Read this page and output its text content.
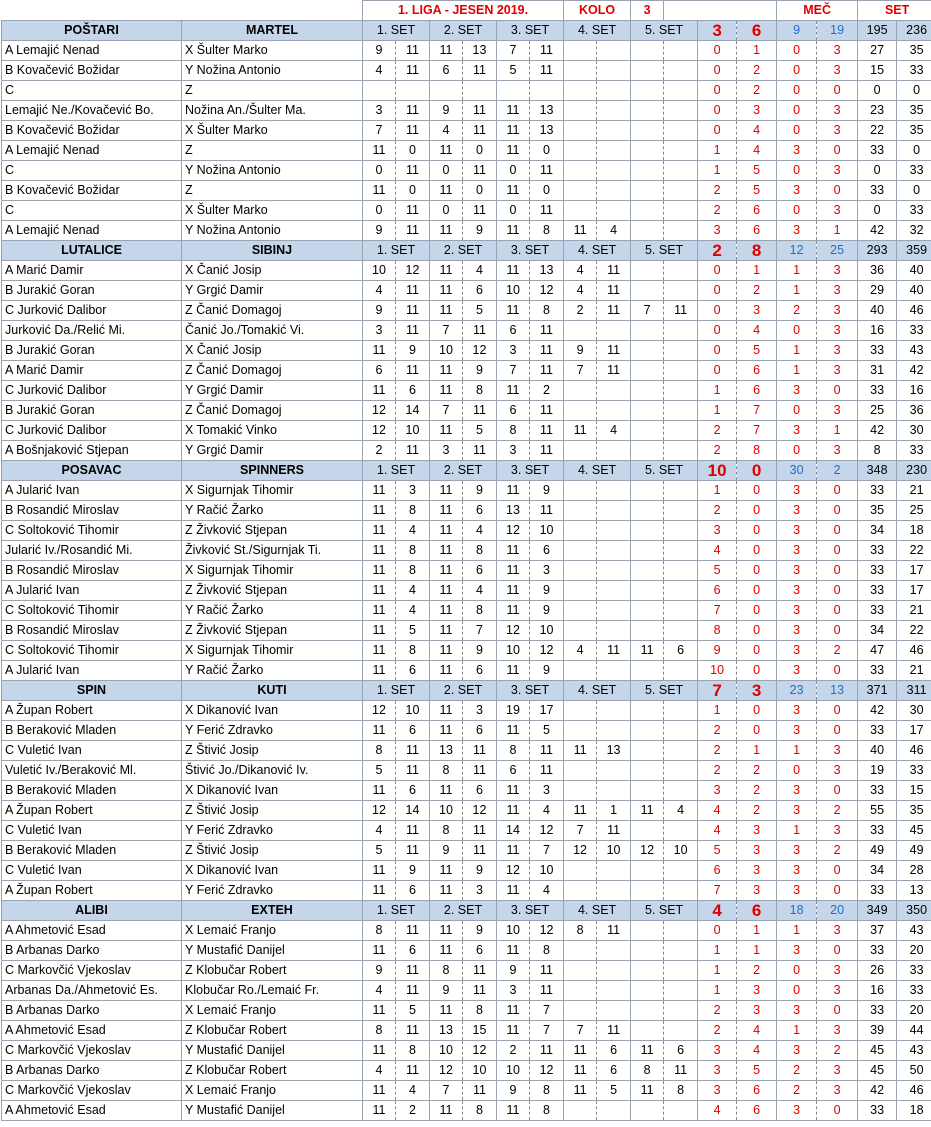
		1. LIGA - JESEN 2019.						KOLO		3				MEČ		SET	
POŠTARI	MARTEL	1. SET		2. SET		3. SET		4. SET		5. SET		3	6	9	19	195	236	
A Lemajić Nenad	X Šulter Marko	9	11	11	13	7	11					0	1	0	3	27	35	
B Kovačević Božidar	Y Nožina Antonio	4	11	6	11	5	11					0	2	0	3	15	33	
C	Z											0	2	0	0	0	0	
Lemajić Ne./Kovačević Bo.	Nožina An./Šulter Ma.	3	11	9	11	11	13					0	3	0	3	23	35	
B Kovačević Božidar	X Šulter Marko	7	11	4	11	11	13					0	4	0	3	22	35	
A Lemajić Nenad	Z	11	0	11	0	11	0					1	4	3	0	33	0	
C	Y Nožina Antonio	0	11	0	11	0	11					1	5	0	3	0	33	
B Kovačević Božidar	Z	11	0	11	0	11	0					2	5	3	0	33	0	
C	X Šulter Marko	0	11	0	11	0	11					2	6	0	3	0	33	
A Lemajić Nenad	Y Nožina Antonio	9	11	11	9	11	8	11	4			3	6	3	1	42	32	
LUTALICE	SIBINJ	1. SET		2. SET		3. SET		4. SET		5. SET		2	8	12	25	293	359	
A Marić Damir	X Čanić Josip	10	12	11	4	11	13	4	11			0	1	1	3	36	40	
B Jurakić Goran	Y Grgić Damir	4	11	11	6	10	12	4	11			0	2	1	3	29	40	
C Jurković Dalibor	Z Čanić Domagoj	9	11	11	5	11	8	2	11	7	11	0	3	2	3	40	46	
Jurković Da./Relić Mi.	Čanić Jo./Tomakić Vi.	3	11	7	11	6	11					0	4	0	3	16	33	
B Jurakić Goran	X Čanić Josip	11	9	10	12	3	11	9	11			0	5	1	3	33	43	
A Marić Damir	Z Čanić Domagoj	6	11	11	9	7	11	7	11			0	6	1	3	31	42	
C Jurković Dalibor	Y Grgić Damir	11	6	11	8	11	2					1	6	3	0	33	16	
B Jurakić Goran	Z Čanić Domagoj	12	14	7	11	6	11					1	7	0	3	25	36	
C Jurković Dalibor	X Tomakić Vinko	12	10	11	5	8	11	11	4			2	7	3	1	42	30	
A Bošnjaković Stjepan	Y Grgić Damir	2	11	3	11	3	11					2	8	0	3	8	33	
POSAVAC	SPINNERS	1. SET		2. SET		3. SET		4. SET		5. SET		10	0	30	2	348	230	
A Jularić Ivan	X Sigurnjak Tihomir	11	3	11	9	11	9					1	0	3	0	33	21	
B Rosandić Miroslav	Y Račić Žarko	11	8	11	6	13	11					2	0	3	0	35	25	
C Soltoković Tihomir	Z Živković Stjepan	11	4	11	4	12	10					3	0	3	0	34	18	
Jularić Iv./Rosandić Mi.	Živković St./Sigurnjak Ti.	11	8	11	8	11	6					4	0	3	0	33	22	
B Rosandić Miroslav	X Sigurnjak Tihomir	11	8	11	6	11	3					5	0	3	0	33	17	
A Jularić Ivan	Z Živković Stjepan	11	4	11	4	11	9					6	0	3	0	33	17	
C Soltoković Tihomir	Y Račić Žarko	11	4	11	8	11	9					7	0	3	0	33	21	
B Rosandić Miroslav	Z Živković Stjepan	11	5	11	7	12	10					8	0	3	0	34	22	
C Soltoković Tihomir	X Sigurnjak Tihomir	11	8	11	9	10	12	4	11	11	6	9	0	3	2	47	46	
A Jularić Ivan	Y Račić Žarko	11	6	11	6	11	9					10	0	3	0	33	21	
SPIN	KUTI	1. SET		2. SET		3. SET		4. SET		5. SET		7	3	23	13	371	311	
A Župan Robert	X Dikanović Ivan	12	10	11	3	19	17					1	0	3	0	42	30	
B Beraković Mladen	Y Ferić Zdravko	11	6	11	6	11	5					2	0	3	0	33	17	
C Vuletić Ivan	Z Štivić Josip	8	11	13	11	8	11	11	13			2	1	1	3	40	46	
Vuletić Iv./Beraković Ml.	Štivić Jo./Dikanović Iv.	5	11	8	11	6	11					2	2	0	3	19	33	
B Beraković Mladen	X Dikanović Ivan	11	6	11	6	11	3					3	2	3	0	33	15	
A Župan Robert	Z Štivić Josip	12	14	10	12	11	4	11	1	11	4	4	2	3	2	55	35	
C Vuletić Ivan	Y Ferić Zdravko	4	11	8	11	14	12	7	11			4	3	1	3	33	45	
B Beraković Mladen	Z Štivić Josip	5	11	9	11	11	7	12	10	12	10	5	3	3	2	49	49	
C Vuletić Ivan	X Dikanović Ivan	11	9	11	9	12	10					6	3	3	0	34	28	
A Župan Robert	Y Ferić Zdravko	11	6	11	3	11	4					7	3	3	0	33	13	
ALIBI	EXTEH	1. SET		2. SET		3. SET		4. SET		5. SET		4	6	18	20	349	350	
A Ahmetović Esad	X Lemaić Franjo	8	11	11	9	10	12	8	11			0	1	1	3	37	43	
B Arbanas Darko	Y Mustafić Danijel	11	6	11	6	11	8					1	1	3	0	33	20	
C Markovčić Vjekoslav	Z Klobučar Robert	9	11	8	11	9	11					1	2	0	3	26	33	
Arbanas Da./Ahmetović Es.	Klobučar Ro./Lemaić Fr.	4	11	9	11	3	11					1	3	0	3	16	33	
B Arbanas Darko	X Lemaić Franjo	11	5	11	8	11	7					2	3	3	0	33	20	
A Ahmetović Esad	Z Klobučar Robert	8	11	13	15	11	7	7	11			2	4	1	3	39	44	
C Markovčić Vjekoslav	Y Mustafić Danijel	11	8	10	12	2	11	11	6	11	6	3	4	3	2	45	43	
B Arbanas Darko	Z Klobučar Robert	4	11	12	10	10	12	11	6	8	11	3	5	2	3	45	50	
C Markovčić Vjekoslav	X Lemaić Franjo	11	4	7	11	9	8	11	5	11	8	3	6	2	3	42	46	
A Ahmetović Esad	Y Mustafić Danijel	11	2	11	8	11	8					4	6	3	0	33	18	
